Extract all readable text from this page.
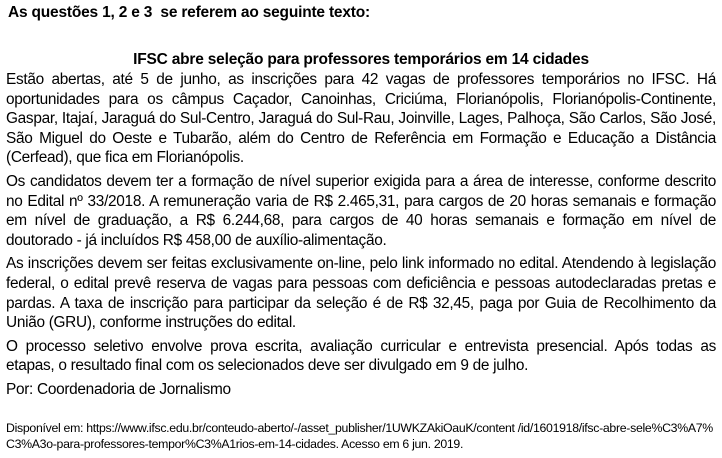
As questões 1, 2 e 3  se referem ao seguinte texto:
IFSC abre seleção para professores temporários em 14 cidades

Estão abertas, até 5 de junho, as inscrições para 42 vagas de professores temporários no IFSC. Há oportunidades para os câmpus Caçador, Canoinhas, Criciúma, Florianópolis, Florianópolis-Continente, Gaspar, Itajaí, Jaraguá do Sul-Centro, Jaraguá do Sul-Rau, Joinville, Lages, Palhoça, São Carlos, São José, São Miguel do Oeste e Tubarão, além do Centro de Referência em Formação e Educação a Distância (Cerfead), que fica em Florianópolis.

Os candidatos devem ter a formação de nível superior exigida para a área de interesse, conforme descrito no Edital nº 33/2018. A remuneração varia de R$ 2.465,31, para cargos de 20 horas semanais e formação em nível de graduação, a R$ 6.244,68, para cargos de 40 horas semanais e formação em nível de doutorado - já incluídos R$ 458,00 de auxílio-alimentação.

As inscrições devem ser feitas exclusivamente on-line, pelo link informado no edital. Atendendo à legislação federal, o edital prevê reserva de vagas para pessoas com deficiência e pessoas autodeclaradas pretas e pardas. A taxa de inscrição para participar da seleção é de R$ 32,45, paga por Guia de Recolhimento da União (GRU), conforme instruções do edital.

O processo seletivo envolve prova escrita, avaliação curricular e entrevista presencial. Após todas as etapas, o resultado final com os selecionados deve ser divulgado em 9 de julho.

Por: Coordenadoria de Jornalismo

Disponível em: https://www.ifsc.edu.br/conteudo-aberto/-/asset_publisher/1UWKZAkiOauK/content /id/1601918/ifsc-abre-sele%C3%A7%C3%A3o-para-professores-tempor%C3%A1rios-em-14-cidades. Acesso em 6 jun. 2019.
